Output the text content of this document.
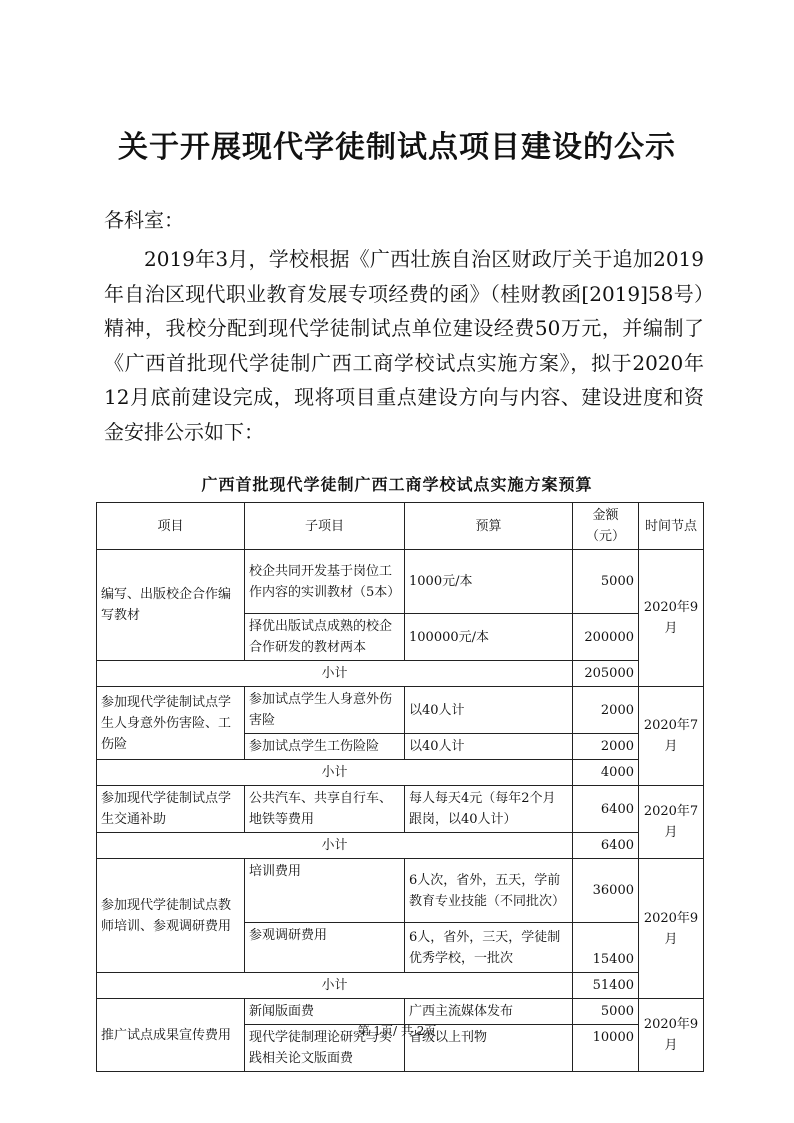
关于开展现代学徒制试点项目建设的公示
各科室：
2019年3月，学校根据《广西壮族自治区财政厅关于追加2019年自治区现代职业教育发展专项经费的函》（桂财教函[2019]58号）精神，我校分配到现代学徒制试点单位建设经费50万元，并编制了《广西首批现代学徒制广西工商学校试点实施方案》，拟于2020年12月底前建设完成，现将项目重点建设方向与内容、建设进度和资金安排公示如下：
广西首批现代学徒制广西工商学校试点实施方案预算
项目	子项目	预算	金额（元）	时间节点
编写、出版校企合作编写教材	校企共同开发基于岗位工作内容的实训教材（5本）	1000元/本	5000	2020年9月
	择优出版试点成熟的校企合作研发的教材两本	100000元/本	200000	
小计			205000	
参加现代学徒制试点学生人身意外伤害险、工伤险	参加试点学生人身意外伤害险	以40人计	2000	2020年7月
	参加试点学生工伤险险	以40人计	2000	
小计			4000	
参加现代学徒制试点学生交通补助	公共汽车、共享自行车、地铁等费用	每人每天4元（每年2个月跟岗，以40人计）	6400	2020年7月
小计			6400	
参加现代学徒制试点教师培训、参观调研费用	培训费用	6人次，省外，五天，学前教育专业技能（不同批次）	36000	2020年9月
	参观调研费用	6人，省外，三天，学徒制优秀学校，一批次	15400	
小计			51400	
推广试点成果宣传费用	新闻版面费	广西主流媒体发布	5000	2020年9月
	现代学徒制理论研究与实践相关论文版面费	省级以上刊物	10000	
第 1页/ 共 2页
